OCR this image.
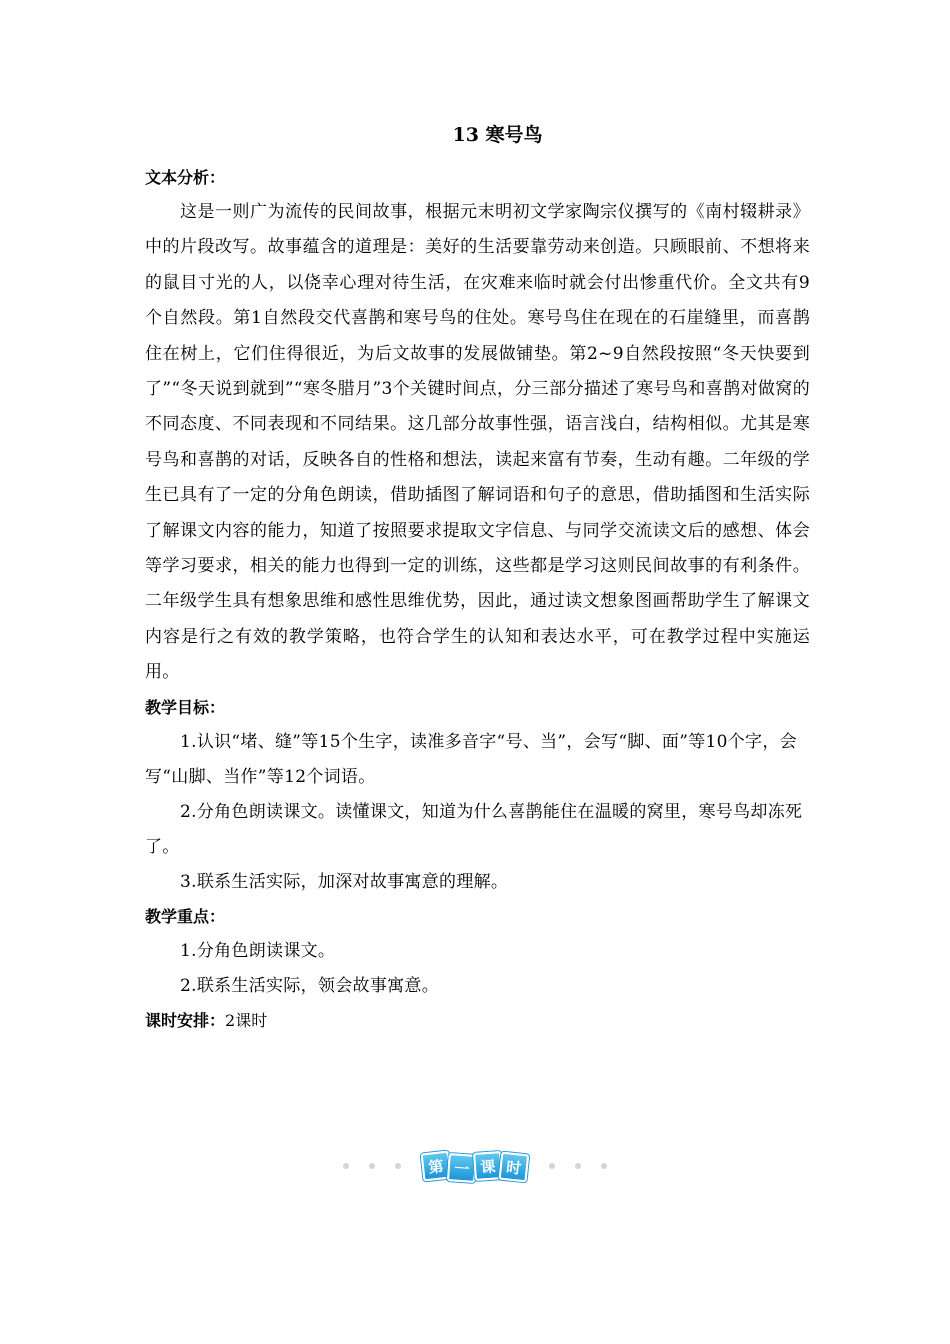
13 寒号鸟

文本分析：

这是一则广为流传的民间故事，根据元末明初文学家陶宗仪撰写的《南村辍耕录》中的片段改写。故事蕴含的道理是：美好的生活要靠劳动来创造。只顾眼前、不想将来的鼠目寸光的人，以侥幸心理对待生活，在灾难来临时就会付出惨重代价。全文共有9个自然段。第1自然段交代喜鹊和寒号鸟的住处。寒号鸟住在现在的石崖缝里，而喜鹊住在树上，它们住得很近，为后文故事的发展做铺垫。第2~9自然段按照“冬天快要到了”“冬天说到就到”“寒冬腊月”3个关键时间点，分三部分描述了寒号鸟和喜鹊对做窝的不同态度、不同表现和不同结果。这几部分故事性强，语言浅白，结构相似。尤其是寒号鸟和喜鹊的对话，反映各自的性格和想法，读起来富有节奏，生动有趣。二年级的学生已具有了一定的分角色朗读，借助插图了解词语和句子的意思，借助插图和生活实际了解课文内容的能力，知道了按照要求提取文字信息、与同学交流读文后的感想、体会等学习要求，相关的能力也得到一定的训练，这些都是学习这则民间故事的有利条件。二年级学生具有想象思维和感性思维优势，因此，通过读文想象图画帮助学生了解课文内容是行之有效的教学策略，也符合学生的认知和表达水平，可在教学过程中实施运用。

教学目标：

1.认识“堵、缝”等15个生字，读准多音字“号、当”，会写“脚、面”等10个字，会写“山脚、当作”等12个词语。

2.分角色朗读课文。读懂课文，知道为什么喜鹊能住在温暖的窝里，寒号鸟却冻死了。

3.联系生活实际，加深对故事寓意的理解。

教学重点：

1.分角色朗读课文。

2.联系生活实际，领会故事寓意。

课时安排：2课时

第 一 课 时
